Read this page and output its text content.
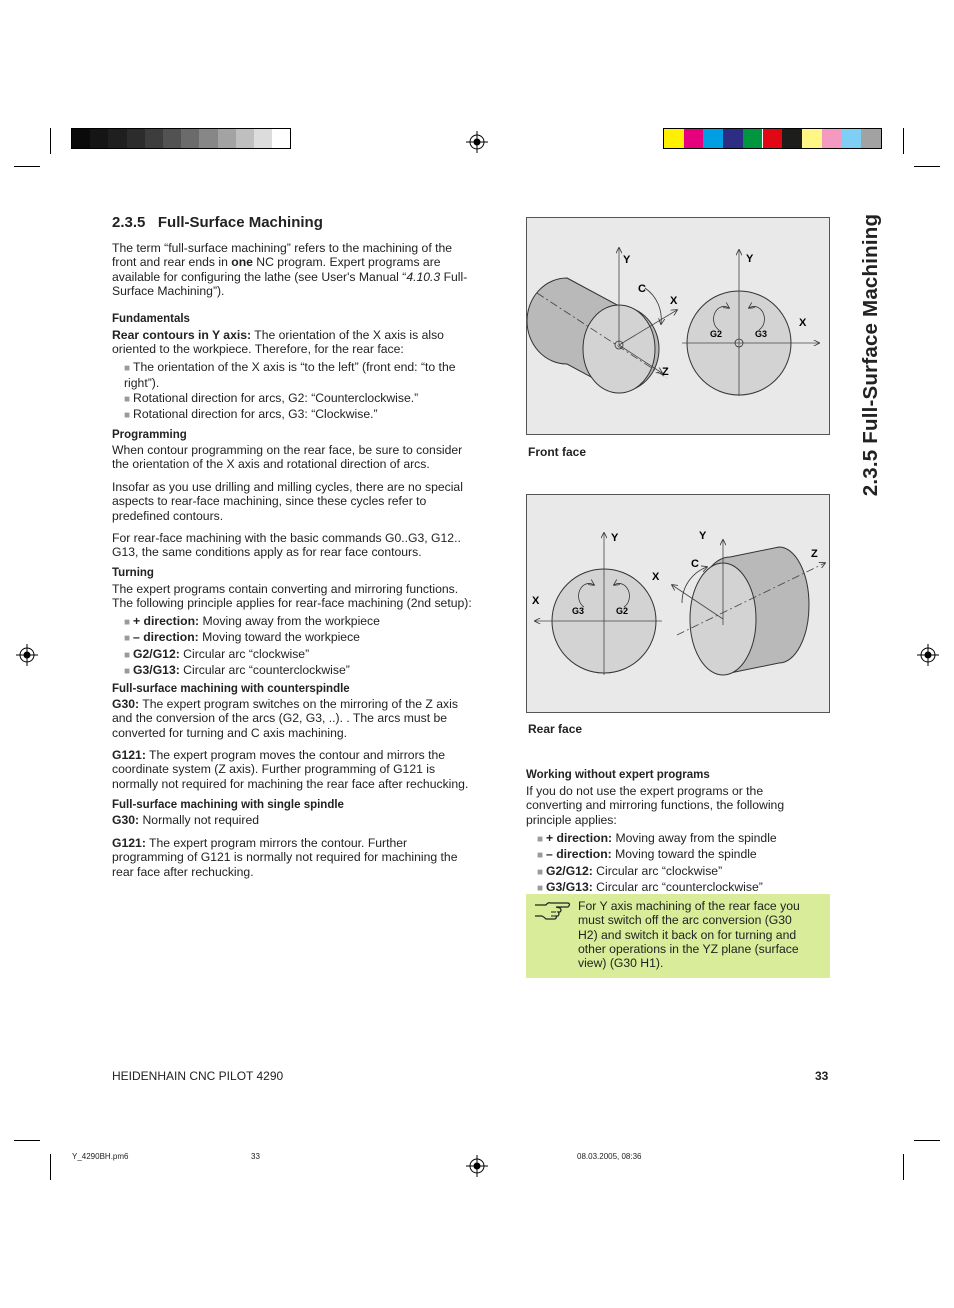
2.3.5 Full-Surface Machining
2.3.5   Full-Surface Machining
The term “full-surface machining” refers to the machining of the
front and rear ends in one NC program. Expert programs are
available for configuring the lathe (see User's Manual “4.10.3 Full-
Surface Machining”).
Fundamentals
Rear contours in Y axis: The orientation of the X axis is also
oriented to the workpiece. Therefore, for the rear face:
■ The orientation of the X axis is “to the left” (front end: “to the
right”).
■ Rotational direction for arcs, G2: “Counterclockwise.”
■ Rotational direction for arcs, G3: “Clockwise.”
Programming
When contour programming on the rear face, be sure to consider
the orientation of the X axis and rotational direction of arcs.
Insofar as you use drilling and milling cycles, there are no special
aspects to rear-face machining, since these cycles refer to
predefined contours.
For rear-face machining with the basic commands G0..G3, G12..
G13, the same conditions apply as for rear face contours.
Turning
The expert programs contain converting and mirroring functions.
The following principle applies for rear-face machining (2nd setup):
■ + direction: Moving away from the workpiece
■ – direction: Moving toward the workpiece
■ G2/G12: Circular arc “clockwise”
■ G3/G13: Circular arc “counterclockwise”
Full-surface machining with counterspindle
G30: The expert program switches on the mirroring of the Z axis
and the conversion of the arcs (G2, G3, ..). . The arcs must be
converted for turning and C axis machining.
G121: The expert program moves the contour and mirrors the
coordinate system (Z axis). Further programming of G121 is
normally not required for machining the rear face after rechucking.
Full-surface machining with single spindle
G30: Normally not required
G121: The expert program mirrors the contour. Further
programming of G121 is normally not required for machining the
rear face after rechucking.
Y
C
X
Z
Y
X
G2	G3
Front face
Y
X
G3	G2
Y
C
X
Z
Rear face
Working without expert programs
If you do not use the expert programs or the
converting and mirroring functions, the following
principle applies:
■ + direction: Moving away from the spindle
■ – direction: Moving toward the spindle
■ G2/G12: Circular arc “clockwise”
■ G3/G13: Circular arc “counterclockwise”
For Y axis machining of the rear face you
must switch off the arc conversion (G30
H2) and switch it back on for turning and
other operations in the YZ plane (surface
view) (G30 H1).
HEIDENHAIN CNC PILOT 4290	33
Y_4290BH.pm6	33	08.03.2005, 08:36
